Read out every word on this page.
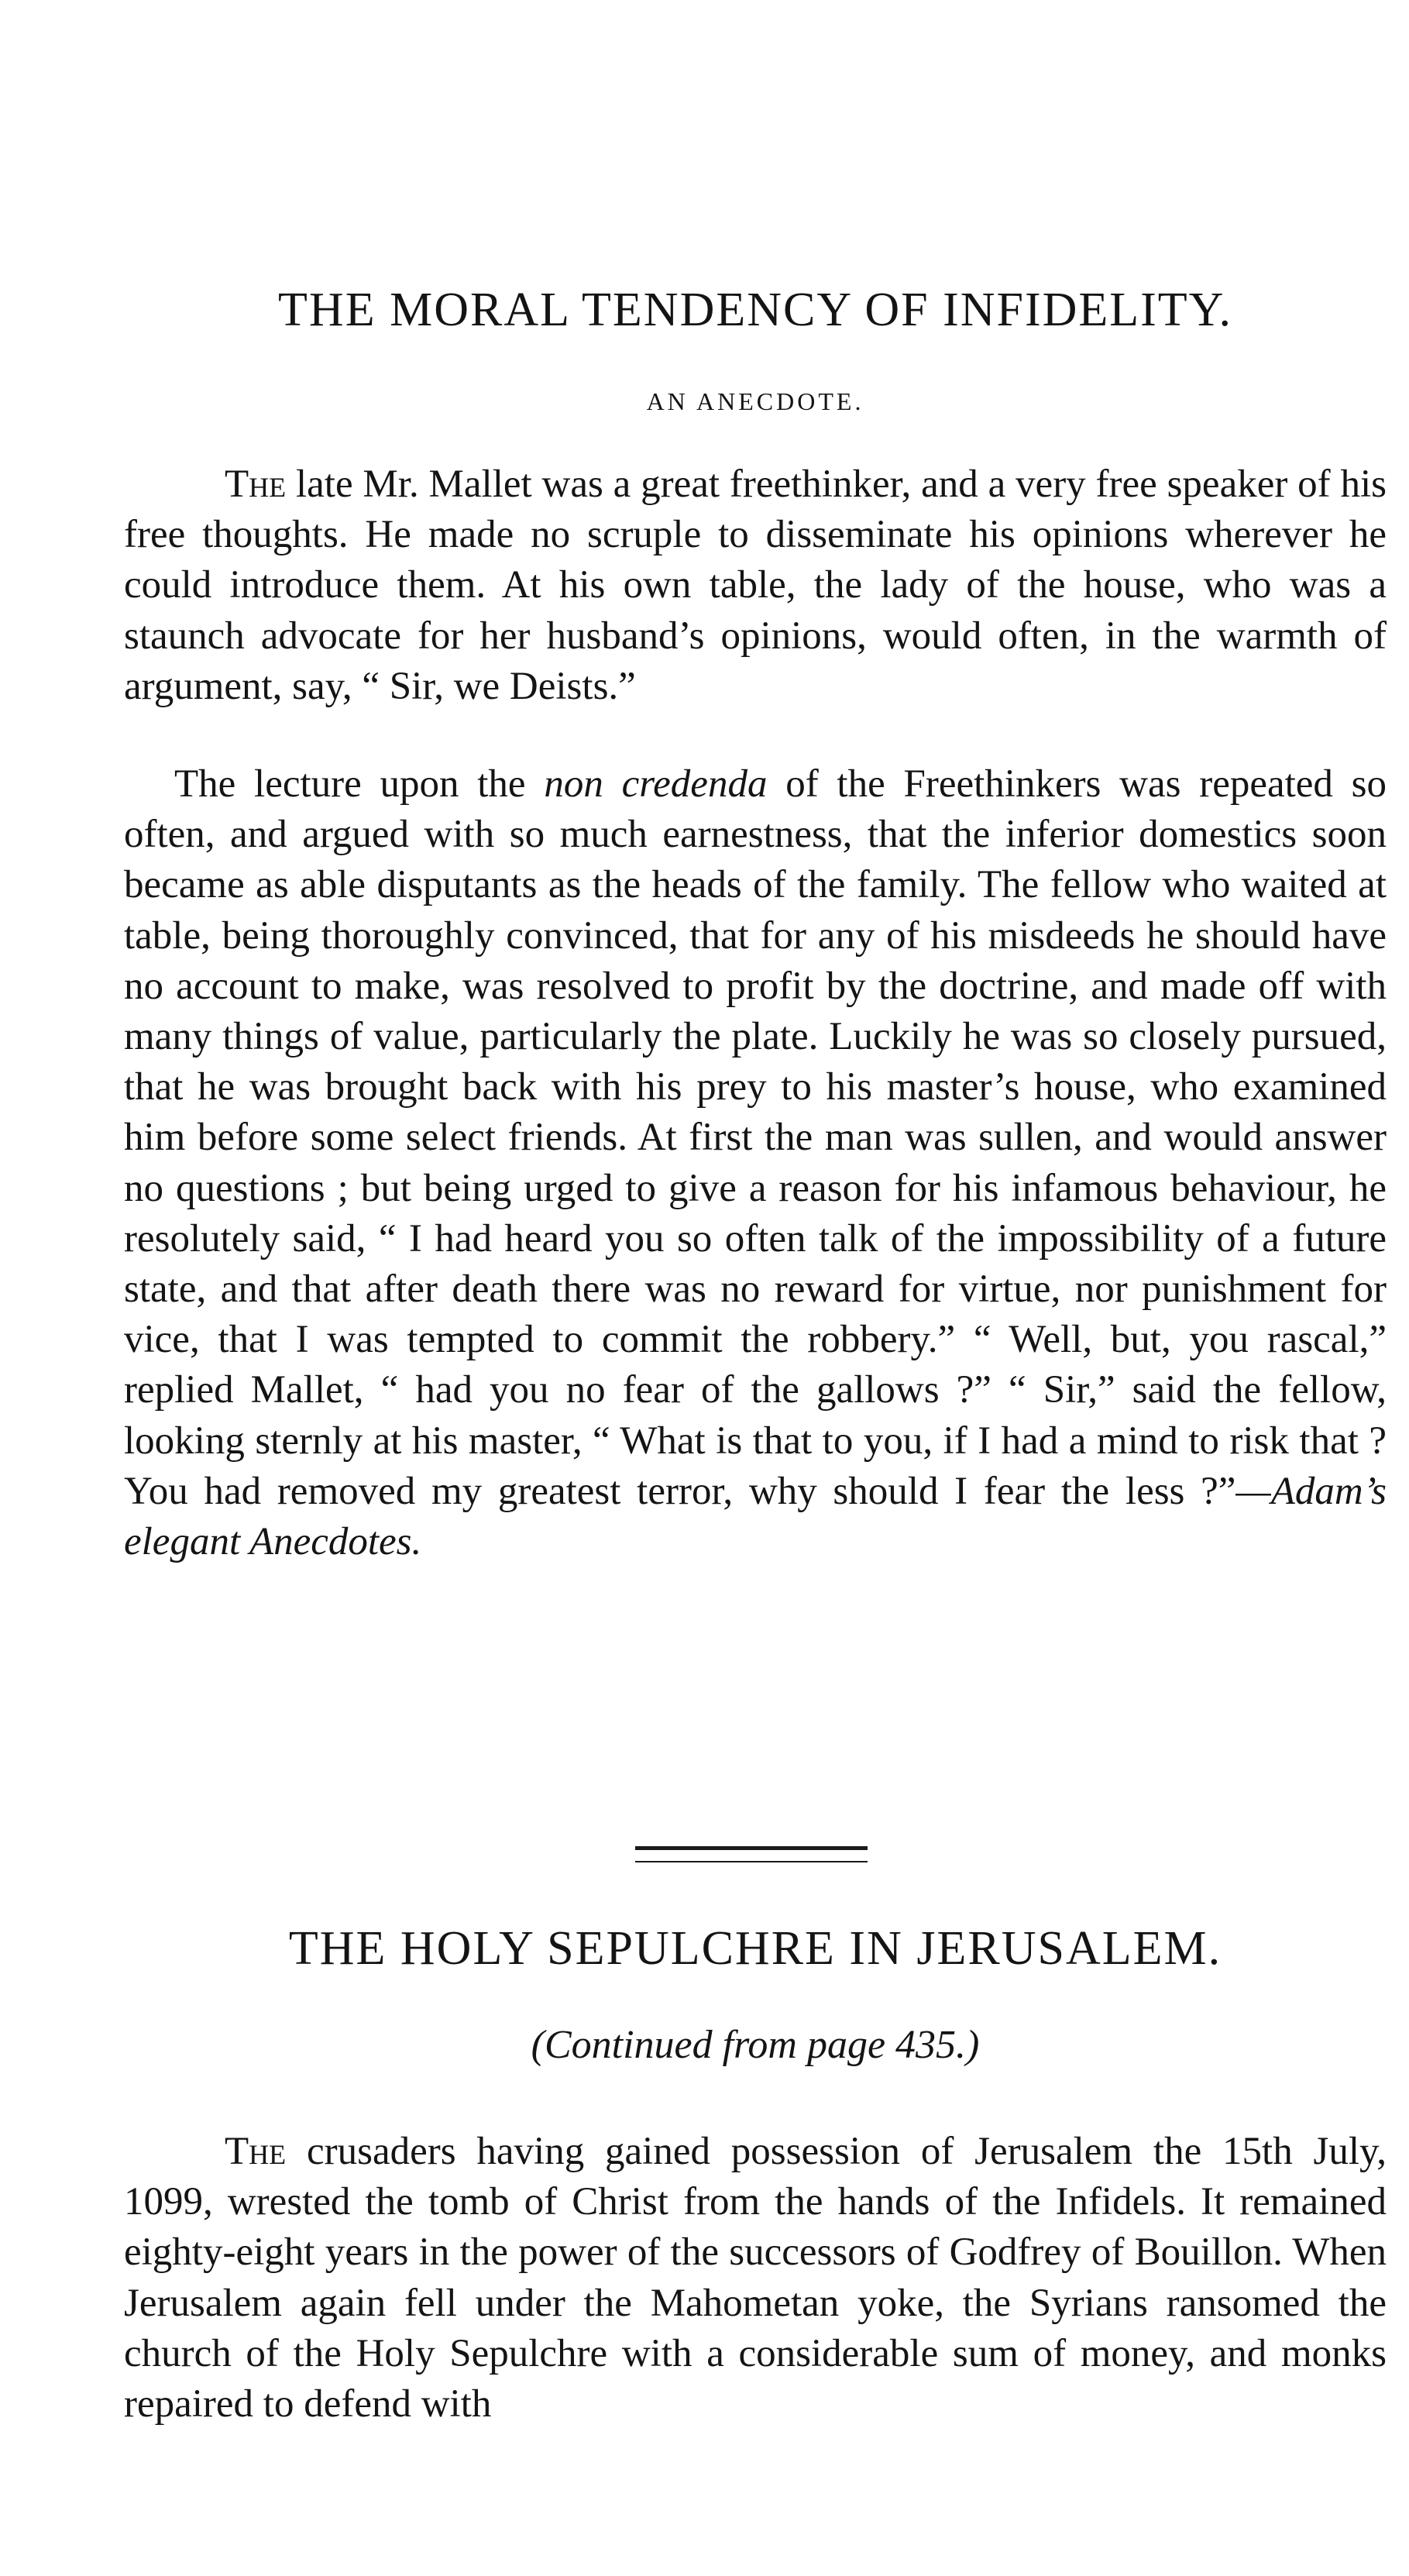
THE MORAL TENDENCY OF INFIDELITY.
AN ANECDOTE.

The late Mr. Mallet was a great freethinker, and a very free speaker of his free thoughts. He made no scruple to disseminate his opinions wherever he could introduce them. At his own table, the lady of the house, who was a staunch advocate for her husband’s opinions, would often, in the warmth of argument, say, “ Sir, we Deists.”

The lecture upon the non credenda of the Freethinkers was repeated so often, and argued with so much earnestness, that the inferior domestics soon became as able disputants as the heads of the family. The fellow who waited at table, being thoroughly convinced, that for any of his misdeeds he should have no account to make, was resolved to profit by the doctrine, and made off with many things of value, particularly the plate. Luckily he was so closely pursued, that he was brought back with his prey to his master’s house, who examined him before some select friends. At first the man was sullen, and would answer no questions ; but being urged to give a reason for his infamous behaviour, he resolutely said, “ I had heard you so often talk of the impossibility of a future state, and that after death there was no reward for virtue, nor punishment for vice, that I was tempted to commit the robbery.” “ Well, but, you rascal,” replied Mallet, “ had you no fear of the gallows ?” “ Sir,” said the fellow, looking sternly at his master, “ What is that to you, if I had a mind to risk that ? You had removed my greatest terror, why should I fear the less ?”—Adam’s elegant Anecdotes.

THE HOLY SEPULCHRE IN JERUSALEM.
(Continued from page 435.)

The crusaders having gained possession of Jerusalem the 15th July, 1099, wrested the tomb of Christ from the hands of the Infidels. It remained eighty-eight years in the power of the successors of Godfrey of Bouillon. When Jerusalem again fell under the Mahometan yoke, the Syrians ransomed the church of the Holy Sepulchre with a considerable sum of money, and monks repaired to defend with
